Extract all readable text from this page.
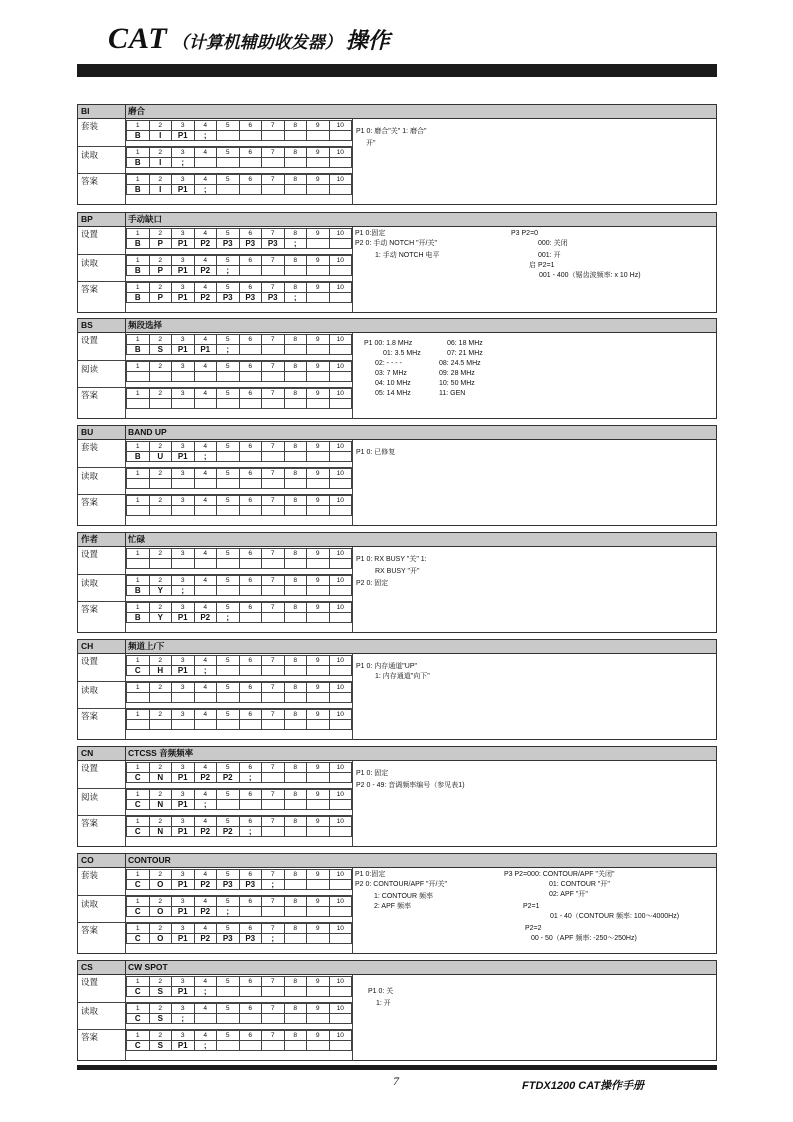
CAT （计算机辅助收发器） 操作
BI	磨合
套装	1	2	3	4	5	6	7	8	9	10
B	I	P1	;						
读取	1	2	3	4	5	6	7	8	9	10
B	I	;							
答案	1	2	3	4	5	6	7	8	9	10
B	I	P1	;						
P1 0: 磨合"关" 1: 磨合"
开"
BP	手动缺口
设置	1	2	3	4	5	6	7	8	9	10
B	P	P1	P2	P3	P3	P3	;		
读取	1	2	3	4	5	6	7	8	9	10
B	P	P1	P2	;					
答案	1	2	3	4	5	6	7	8	9	10
B	P	P1	P2	P3	P3	P3	;		
P1 0:固定
P2 0: 手动 NOTCH "开/关"
1: 手动 NOTCH 电平
P3 P2=0
000: 关闭
001: 开
启 P2=1
001 - 400（锯齿波频率: x 10 Hz)
BS	频段选择
设置	1	2	3	4	5	6	7	8	9	10
B	S	P1	P1	;					
阅读	1	2	3	4	5	6	7	8	9	10

答案	1	2	3	4	5	6	7	8	9	10

P1 00: 1.8 MHz
01: 3.5 MHz
02: - - - -
03: 7 MHz
04: 10 MHz
05: 14 MHz
06: 18 MHz
07: 21 MHz
08: 24.5 MHz
09: 28 MHz
10: 50 MHz
11: GEN
BU	BAND UP
套装	1	2	3	4	5	6	7	8	9	10
B	U	P1	;						
读取	1	2	3	4	5	6	7	8	9	10

答案	1	2	3	4	5	6	7	8	9	10

P1 0: 已修复
作者	忙碌
设置	1	2	3	4	5	6	7	8	9	10

读取	1	2	3	4	5	6	7	8	9	10
B	Y	;							
答案	1	2	3	4	5	6	7	8	9	10
B	Y	P1	P2	;					
P1 0: RX BUSY "关" 1:
RX BUSY "开"
P2 0: 固定
CH	频道上/下
设置	1	2	3	4	5	6	7	8	9	10
C	H	P1	;						
读取	1	2	3	4	5	6	7	8	9	10

答案	1	2	3	4	5	6	7	8	9	10

P1 0: 内存通道"UP"
1: 内存通道"向下"
CN	CTCSS 音频频率
设置	1	2	3	4	5	6	7	8	9	10
C	N	P1	P2	P2	;				
阅读	1	2	3	4	5	6	7	8	9	10
C	N	P1	;						
答案	1	2	3	4	5	6	7	8	9	10
C	N	P1	P2	P2	;				
P1 0: 固定
P2 0 - 49: 音调频率编号（参见表1)
CO	CONTOUR
套装	1	2	3	4	5	6	7	8	9	10
C	O	P1	P2	P3	P3	;			
读取	1	2	3	4	5	6	7	8	9	10
C	O	P1	P2	;					
答案	1	2	3	4	5	6	7	8	9	10
C	O	P1	P2	P3	P3	;			
P1 0:固定
P2 0: CONTOUR/APF "开/关"
1: CONTOUR 频率
2: APF 频率
P3 P2=000: CONTOUR/APF "关闭"
01: CONTOUR "开"
02: APF "开"
P2=1
01 - 40（CONTOUR 频率: 100～4000Hz)
P2=2
00 - 50（APF 频率: -250～250Hz)
CS	CW SPOT
设置	1	2	3	4	5	6	7	8	9	10
C	S	P1	;						
读取	1	2	3	4	5	6	7	8	9	10
C	S	;							
答案	1	2	3	4	5	6	7	8	9	10
C	S	P1	;						
P1 0: 关
1: 开
7	FTDX1200 CAT操作手册
